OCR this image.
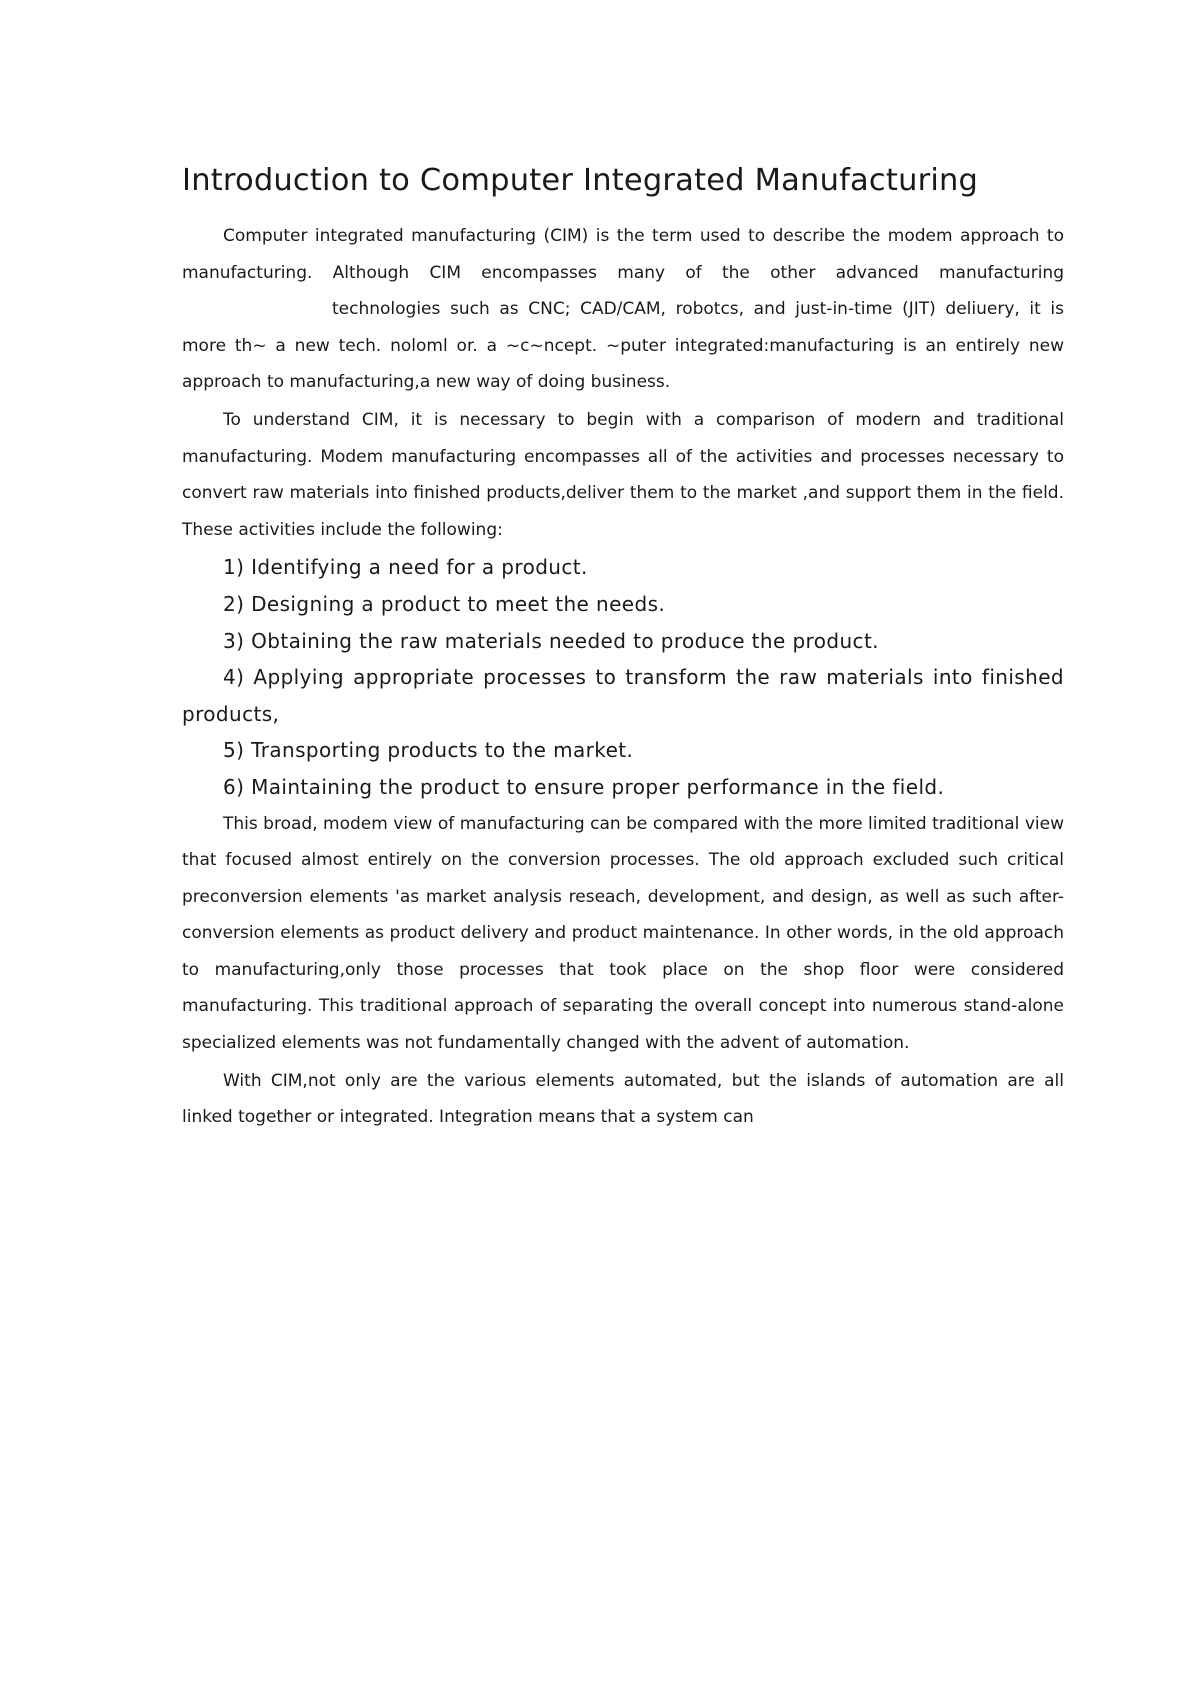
Introduction to Computer Integrated Manufacturing

Computer integrated manufacturing (CIM) is the term used to describe the modem approach to manufacturing. Although CIM encompasses many of the other advanced manufacturingtechnologies such as CNC; CAD/CAM, robotcs, and just-in-time (JIT) deliuery, it is more th~ a new tech. noloml or. a ~c~ncept. ~puter integrated:manufacturing is an entirely new approach to manufacturing,a new way of doing business.

To understand CIM, it is necessary to begin with a comparison of modern and traditional manufacturing. Modem manufacturing encompasses all of the activities and processes necessary to convert raw materials into finished products,deliver them to the market ,and support them in the field. These activities include the following:

1) Identifying a need for a product.

2) Designing a product to meet the needs.

3) Obtaining the raw materials needed to produce the product.

4) Applying appropriate processes to transform the raw materials into finished products,

5) Transporting products to the market.

6) Maintaining the product to ensure proper performance in the field.

This broad, modem view of manufacturing can be compared with the more limited traditional view that focused almost entirely on the conversion processes. The old approach excluded such critical preconversion elements 'as market analysis reseach, development, and design, as well as such after-conversion elements as product delivery and product maintenance. In other words, in the old approach to manufacturing,only those processes that took place on the shop floor were considered manufacturing. This traditional approach of separating the overall concept into numerous stand-alone specialized elements was not fundamentally changed with the advent of automation.

With CIM,not only are the various elements automated, but the islands of automation are all linked together or integrated. Integration means that a system can
